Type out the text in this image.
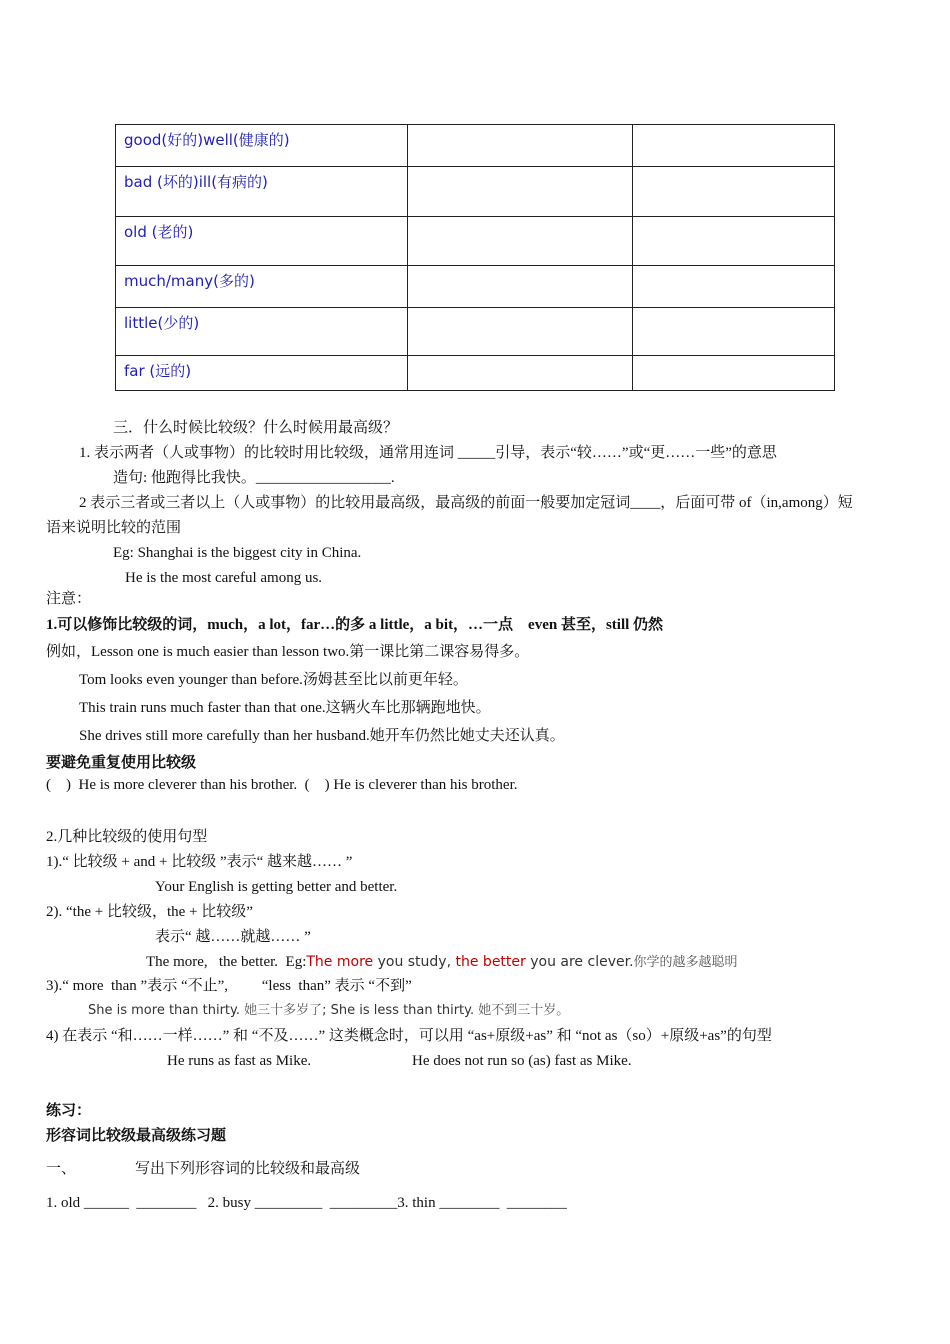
good(好的)well(健康的)		
bad (坏的)ill(有病的)		
old (老的)		
much/many(多的)		
little(少的)		
far (远的)		
三．什么时候比较级？什么时候用最高级？
1. 表示两者（人或事物）的比较时用比较级，通常用连词 _____引导，表示“较……”或“更……一些”的意思
造句: 他跑得比我快。__________________.
2 表示三者或三者以上（人或事物）的比较用最高级，最高级的前面一般要加定冠词____，后面可带 of（in,among）短
语来说明比较的范围
Eg: Shanghai is the biggest city in China.
He is the most careful among us.
注意：
1.可以修饰比较级的词，much，a lot，far…的多 a little，a bit，…一点　even 甚至，still 仍然
例如，Lesson one is much easier than lesson two.第一课比第二课容易得多。
Tom looks even younger than before.汤姆甚至比以前更年轻。
This train runs much faster than that one.这辆火车比那辆跑地快。
She drives still more carefully than her husband.她开车仍然比她丈夫还认真。
要避免重复使用比较级
(    )  He is more cleverer than his brother.  (    ) He is cleverer than his brother.
2.几种比较级的使用句型
1).“ 比较级 + and + 比较级 ”表示“ 越来越…… ”
Your English is getting better and better.
2). “the + 比较级，the + 比较级”
表示“ 越……就越…… ”
The more,   the better.  Eg:The more you study, the better you are clever.你学的越多越聪明
3).“ more  than ”表示 “不止”,         “less  than” 表示 “不到”
She is more than thirty. 她三十多岁了; She is less than thirty. 她不到三十岁。
4) 在表示 “和……一样……” 和 “不及……” 这类概念时，可以用 “as+原级+as” 和 “not as（so）+原级+as”的句型
He runs as fast as Mike.	He does not run so (as) fast as Mike.
练习：
形容词比较级最高级练习题
一、	写出下列形容词的比较级和最高级
1. old ______  ________   2. busy _________  _________3. thin ________  ________
